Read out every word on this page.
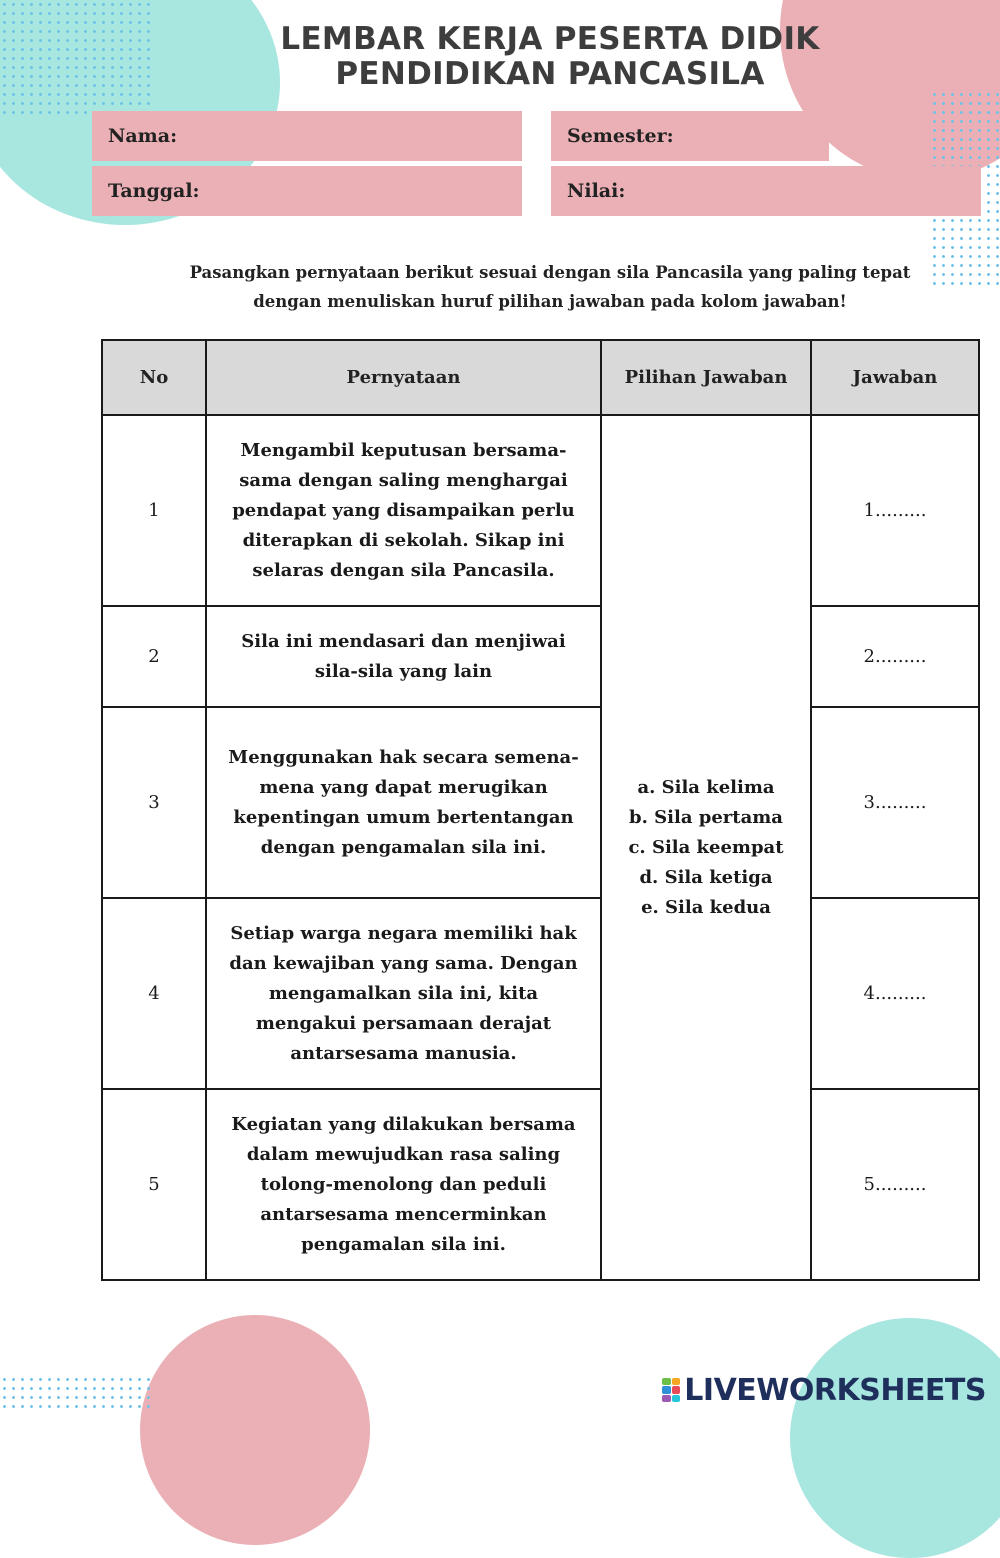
LEMBAR KERJA PESERTA DIDIK
PENDIDIKAN PANCASILA
Nama:	Semester:
Tanggal:	Nilai:
Pasangkan pernyataan berikut sesuai dengan sila Pancasila yang paling tepat
dengan menuliskan huruf pilihan jawaban pada kolom jawaban!
No	Pernyataan	Pilihan Jawaban	Jawaban
1	Mengambil keputusan bersama-sama dengan saling menghargai pendapat yang disampaikan perlu diterapkan di sekolah. Sikap ini selaras dengan sila Pancasila.	a. Sila kelima
b. Sila pertama
c. Sila keempat
d. Sila ketiga
e. Sila kedua	1.........
2	Sila ini mendasari dan menjiwai sila-sila yang lain		2.........
3	Menggunakan hak secara semena-mena yang dapat merugikan kepentingan umum bertentangan dengan pengamalan sila ini.		3.........
4	Setiap warga negara memiliki hak dan kewajiban yang sama. Dengan mengamalkan sila ini, kita mengakui persamaan derajat antarsesama manusia.		4.........
5	Kegiatan yang dilakukan bersama dalam mewujudkan rasa saling tolong-menolong dan peduli antarsesama mencerminkan pengamalan sila ini.		5.........
LIVEWORKSHEETS
